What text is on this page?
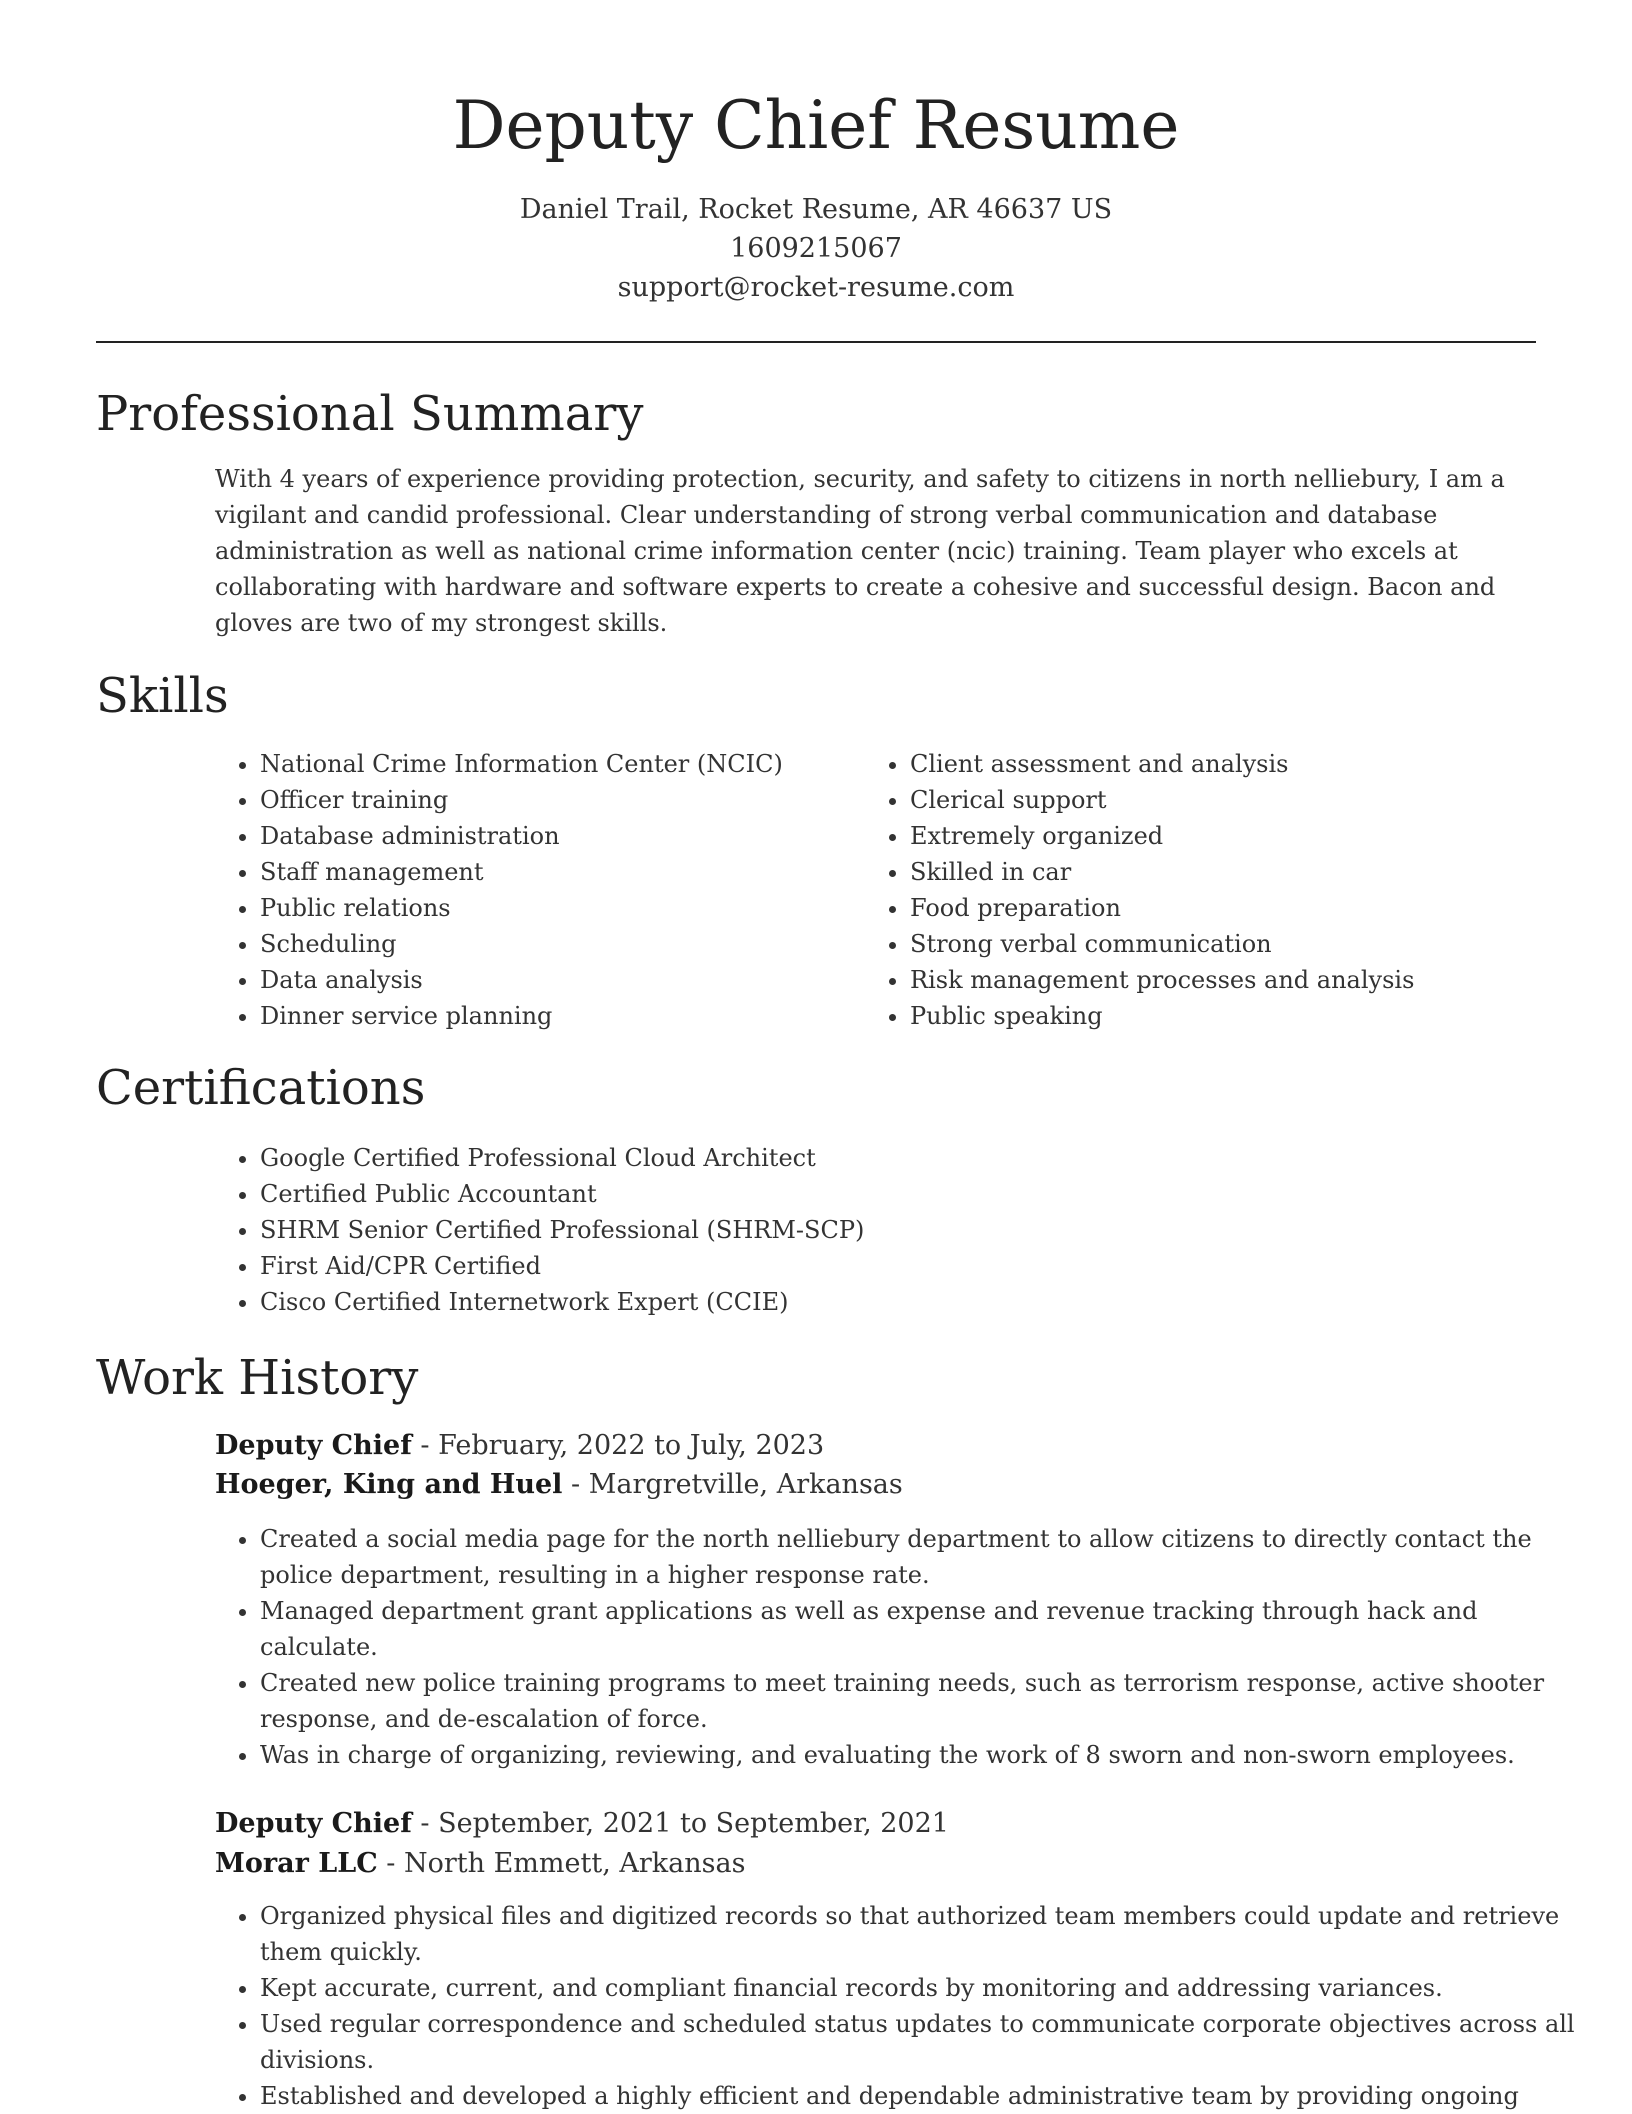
Deputy Chief Resume
Daniel Trail, Rocket Resume, AR 46637 US
1609215067
support@rocket-resume.com
Professional Summary

With 4 years of experience providing protection, security, and safety to citizens in north nelliebury, I am a vigilant and candid professional. Clear understanding of strong verbal communication and database administration as well as national crime information center (ncic) training. Team player who excels at collaborating with hardware and software experts to create a cohesive and successful design. Bacon and gloves are two of my strongest skills.

Skills
• National Crime Information Center (NCIC)
• Officer training
• Database administration
• Staff management
• Public relations
• Scheduling
• Data analysis
• Dinner service planning
• Client assessment and analysis
• Clerical support
• Extremely organized
• Skilled in car
• Food preparation
• Strong verbal communication
• Risk management processes and analysis
• Public speaking
Certifications
• Google Certified Professional Cloud Architect
• Certified Public Accountant
• SHRM Senior Certified Professional (SHRM-SCP)
• First Aid/CPR Certified
• Cisco Certified Internetwork Expert (CCIE)
Work History
Deputy Chief - February, 2022 to July, 2023
Hoeger, King and Huel - Margretville, Arkansas
• Created a social media page for the north nelliebury department to allow citizens to directly contact the police department, resulting in a higher response rate.
• Managed department grant applications as well as expense and revenue tracking through hack and calculate.
• Created new police training programs to meet training needs, such as terrorism response, active shooter response, and de-escalation of force.
• Was in charge of organizing, reviewing, and evaluating the work of 8 sworn and non-sworn employees.
Deputy Chief - September, 2021 to September, 2021
Morar LLC - North Emmett, Arkansas
• Organized physical files and digitized records so that authorized team members could update and retrieve them quickly.
• Kept accurate, current, and compliant financial records by monitoring and addressing variances.
• Used regular correspondence and scheduled status updates to communicate corporate objectives across all divisions.
• Established and developed a highly efficient and dependable administrative team by providing ongoing
